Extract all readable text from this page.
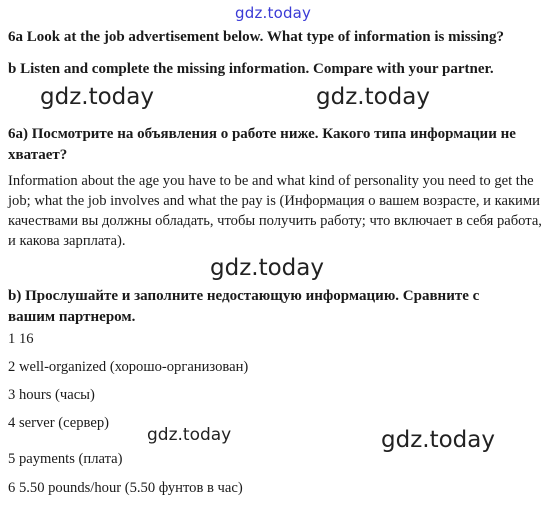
gdz.today
gdz.today	gdz.today
gdz.today
gdz.today	gdz.today
6a Look at the job advertisement below. What type of information is missing?
b Listen and complete the missing information. Compare with your partner.
6a) Посмотрите на объявления о работе ниже. Какого типа информации не хватает?
Information about the age you have to be and what kind of personality you need to get the job; what the job involves and what the pay is (Информация о вашем возрасте, и какими качествами вы должны обладать, чтобы получить работу; что включает в себя работа, и какова зарплата).
b) Прослушайте и заполните недостающую информацию. Сравните с вашим партнером.
1 16
2 well-organized (хорошо-организован)
3 hours (часы)
4 server (сервер)
5 payments (плата)
6 5.50 pounds/hour (5.50 фунтов в час)
